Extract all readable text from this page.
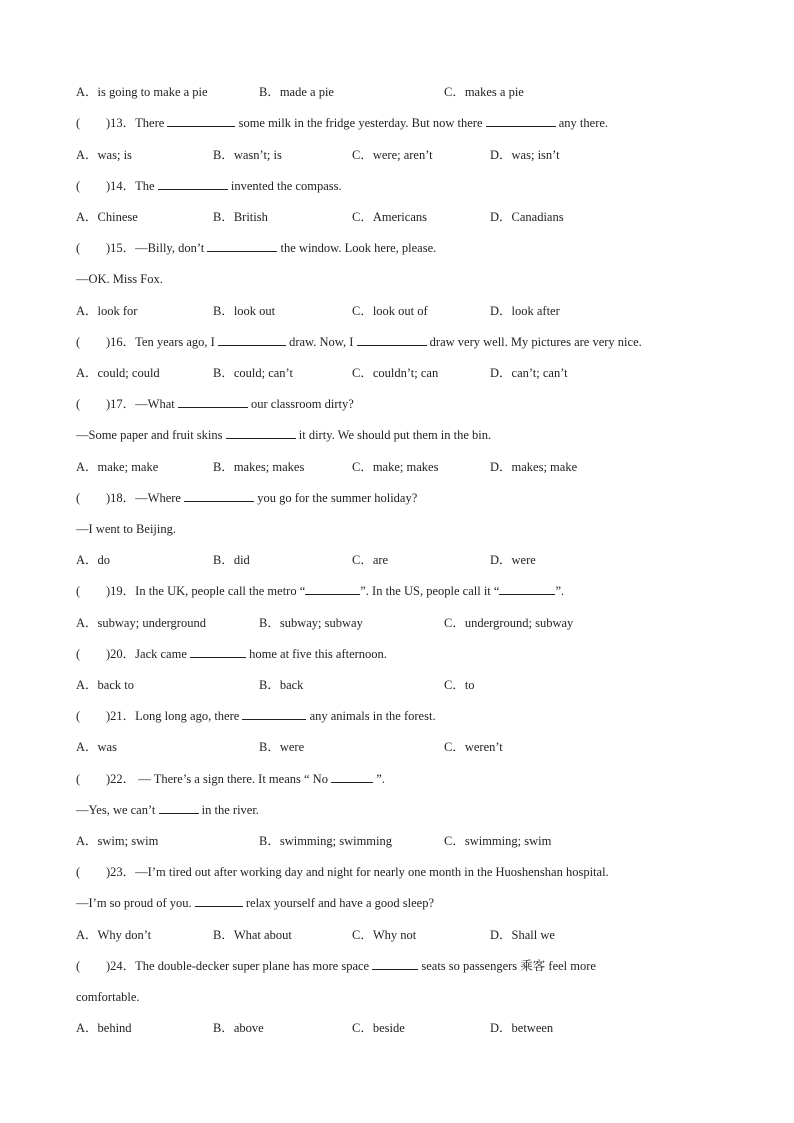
A．is going to make a pie	B．made a pie	C．makes a pie
( )13．There	some milk in the fridge yesterday. But now there	any there.
A．was; is	B．wasn’t; is	C．were; aren’t	D．was; isn’t
( )14．The	invented the compass.
A．Chinese	B．British	C．Americans	D．Canadians
( )15．—Billy, don’t	the window. Look here, please.
—OK. Miss Fox.
A．look for	B．look out	C．look out of	D．look after
( )16．Ten years ago, I	draw. Now, I	draw very well. My pictures are very nice.
A．could; could	B．could; can’t	C．couldn’t; can	D．can’t; can’t
( )17．—What	our classroom dirty?
—Some paper and fruit skins	it dirty. We should put them in the bin.
A．make; make	B．makes; makes	C．make; makes	D．makes; make
( )18．—Where	you go for the summer holiday?
—I went to Beijing.
A．do	B．did	C．are	D．were
( )19．In the UK, people call the metro “	”. In the US, people call it “	”.
A．subway; underground	B．subway; subway	C．underground; subway
( )20．Jack came	home at five this afternoon.
A．back to	B．back	C．to
( )21．Long long ago, there	any animals in the forest.
A．was	B．were	C．weren’t
( )22． — There’s a sign there. It means “ No	”.
—Yes, we can’t	in the river.
A．swim; swim	B．swimming; swimming	C．swimming; swim
( )23．—I’m tired out after working day and night for nearly one month in the Huoshenshan hospital.
—I’m so proud of you.	relax yourself and have a good sleep?
A．Why don’t	B．What about	C．Why not	D．Shall we
( )24．The double-decker super plane has more space	seats so passengers 乘客 feel more
comfortable.
A．behind	B．above	C．beside	D．between
